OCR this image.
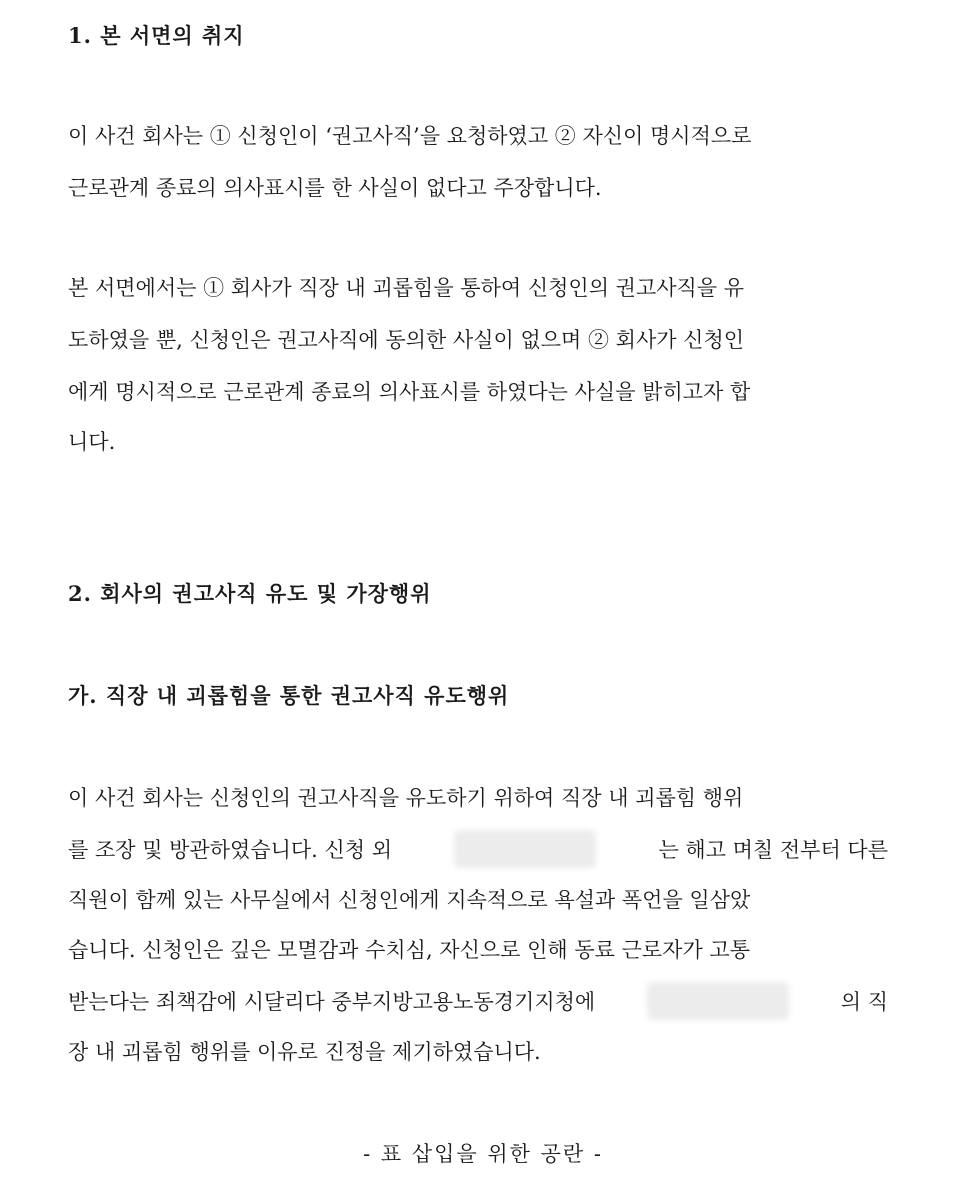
1. 본 서면의 취지
이 사건 회사는 ① 신청인이 ‘권고사직’을 요청하였고 ② 자신이 명시적으로
근로관계 종료의 의사표시를 한 사실이 없다고 주장합니다.
본 서면에서는 ① 회사가 직장 내 괴롭힘을 통하여 신청인의 권고사직을 유
도하였을 뿐, 신청인은 권고사직에 동의한 사실이 없으며 ② 회사가 신청인
에게 명시적으로 근로관계 종료의 의사표시를 하였다는 사실을 밝히고자 합
니다.
2. 회사의 권고사직 유도 및 가장행위
가. 직장 내 괴롭힘을 통한 권고사직 유도행위
이 사건 회사는 신청인의 권고사직을 유도하기 위하여 직장 내 괴롭힘 행위
를 조장 및 방관하였습니다. 신청 외	는 해고 며칠 전부터 다른
직원이 함께 있는 사무실에서 신청인에게 지속적으로 욕설과 폭언을 일삼았
습니다. 신청인은 깊은 모멸감과 수치심, 자신으로 인해 동료 근로자가 고통
받는다는 죄책감에 시달리다 중부지방고용노동경기지청에	의 직
장 내 괴롭힘 행위를 이유로 진정을 제기하였습니다.
- 표 삽입을 위한 공란 -
